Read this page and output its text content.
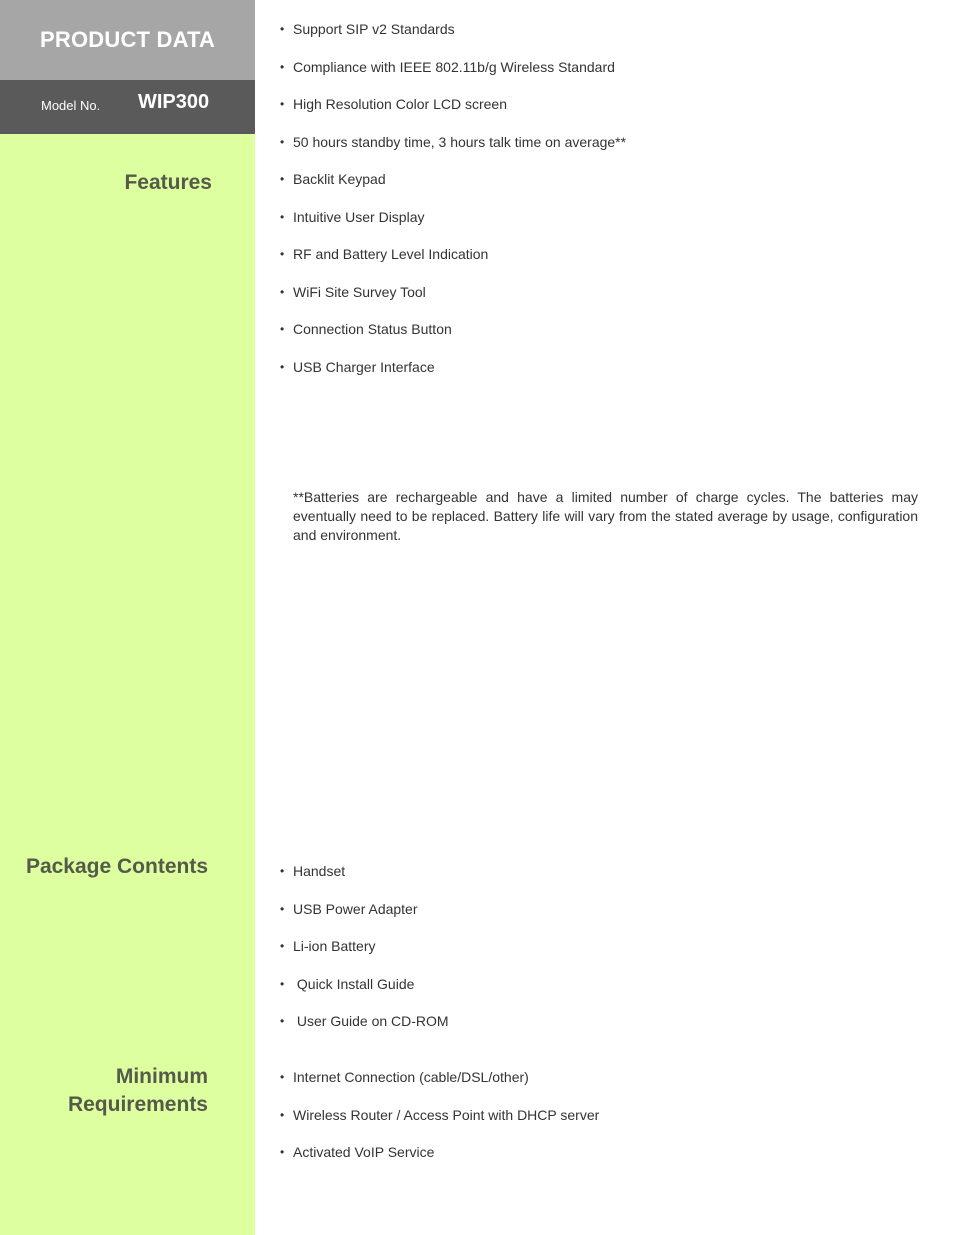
PRODUCT DATA
Model No. WIP300
Features
Package Contents
Minimum
Requirements
• Support SIP v2 Standards
• Compliance with IEEE 802.11b/g Wireless Standard
• High Resolution Color LCD screen
• 50 hours standby time, 3 hours talk time on average**
• Backlit Keypad
• Intuitive User Display
• RF and Battery Level Indication
• WiFi Site Survey Tool
• Connection Status Button
• USB Charger Interface

**Batteries are rechargeable and have a limited number of charge cycles. The batteries may eventually need to be replaced. Battery life will vary from the stated average by usage, configuration and environment.

• Handset
• USB Power Adapter
• Li-ion Battery
• Quick Install Guide
• User Guide on CD-ROM
• Internet Connection (cable/DSL/other)
• Wireless Router / Access Point with DHCP server
• Activated VoIP Service
